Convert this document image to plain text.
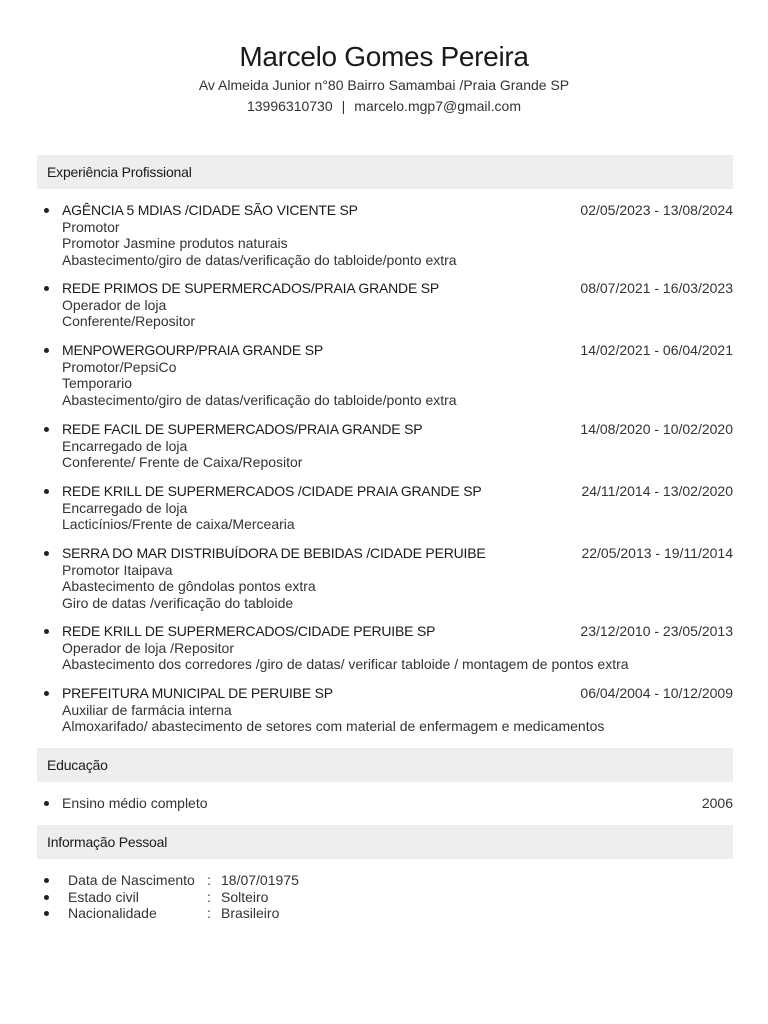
Marcelo Gomes Pereira
Av Almeida Junior n°80 Bairro Samambai /Praia Grande SP
13996310730 | marcelo.mgp7@gmail.com
Experiência Profissional
AGÊNCIA 5 MDIAS /CIDADE SÃO VICENTE SP	02/05/2023 - 13/08/2024
Promotor
Promotor Jasmine produtos naturais
Abastecimento/giro de datas/verificação do tabloide/ponto extra
REDE PRIMOS DE SUPERMERCADOS/PRAIA GRANDE SP	08/07/2021 - 16/03/2023
Operador de loja
Conferente/Repositor
MENPOWERGOURP/PRAIA GRANDE SP	14/02/2021 - 06/04/2021
Promotor/PepsiCo
Temporario
Abastecimento/giro de datas/verificação do tabloide/ponto extra
REDE FACIL DE SUPERMERCADOS/PRAIA GRANDE SP	14/08/2020 - 10/02/2020
Encarregado de loja
Conferente/ Frente de Caixa/Repositor
REDE KRILL DE SUPERMERCADOS /CIDADE PRAIA GRANDE SP	24/11/2014 - 13/02/2020
Encarregado de loja
Lacticínios/Frente de caixa/Mercearia
SERRA DO MAR DISTRIBUÍDORA DE BEBIDAS /CIDADE PERUIBE	22/05/2013 - 19/11/2014
Promotor Itaipava
Abastecimento de gôndolas pontos extra
Giro de datas /verificação do tabloide
REDE KRILL DE SUPERMERCADOS/CIDADE PERUIBE SP	23/12/2010 - 23/05/2013
Operador de loja /Repositor
Abastecimento dos corredores /giro de datas/ verificar tabloide / montagem de pontos extra
PREFEITURA MUNICIPAL DE PERUIBE SP	06/04/2004 - 10/12/2009
Auxiliar de farmácia interna
Almoxarifado/ abastecimento de setores com material de enfermagem e medicamentos
Educação
Ensino médio completo	2006
Informação Pessoal
Data de Nascimento : 18/07/01975
Estado civil	: Solteiro
Nacionalidade	: Brasileiro
